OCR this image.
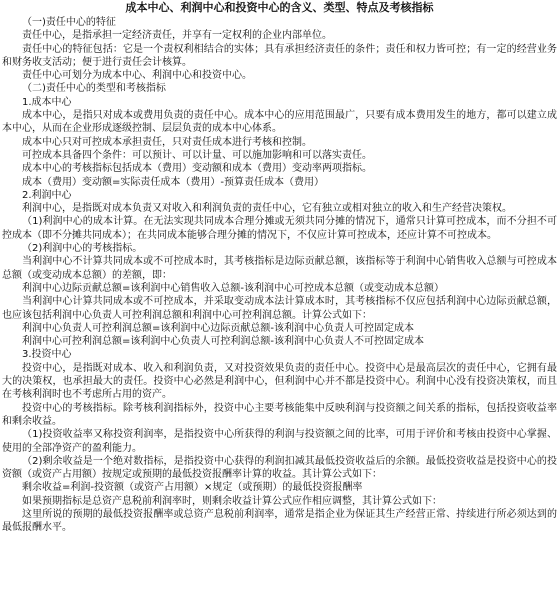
成本中心、利润中心和投资中心的含义、类型、特点及考核指标

（一)责任中心的特征

责任中心，是指承担一定经济责任，并享有一定权利的企业内部单位。

责任中心的特征包括：它是一个责权利相结合的实体；具有承担经济责任的条件；责任和权力皆可控；有一定的经营业务和财务收支活动；便于进行责任会计核算。

责任中心可划分为成本中心、利润中心和投资中心。

（二)责任中心的类型和考核指标

1.成本中心

成本中心，是指只对成本或费用负责的责任中心。成本中心的应用范围最广，只要有成本费用发生的地方，都可以建立成本中心，从而在企业形成逐级控制、层层负责的成本中心体系。

成本中心只对可控成本承担责任，只对责任成本进行考核和控制。

可控成本具备四个条件：可以预计、可以计量、可以施加影响和可以落实责任。

成本中心的考核指标包括成本（费用）变动额和成本（费用）变动率两项指标。

成本（费用）变动额=实际责任成本（费用）-预算责任成本（费用）

2.利润中心

利润中心，是指既对成本负责又对收入和利润负责的责任中心，它有独立或相对独立的收入和生产经营决策权。

（1)利润中心的成本计算。在无法实现共同成本合理分摊或无须共同分摊的情况下，通常只计算可控成本，而不分担不可控成本（即不分摊共同成本）；在共同成本能够合理分摊的情况下，不仅应计算可控成本，还应计算不可控成本。

（2)利润中心的考核指标。

当利润中心不计算共同成本或不可控成本时，其考核指标是边际贡献总额，该指标等于利润中心销售收入总额与可控成本总额（或变动成本总额）的差额，即：

利润中心边际贡献总额=该利润中心销售收入总额-该利润中心可控成本总额（或变动成本总额）

当利润中心计算共同成本或不可控成本，并采取变动成本法计算成本时，其考核指标不仅应包括利润中心边际贡献总额，也应该包括利润中心负责人可控利润总额和利润中心可控利润总额。计算公式如下：

利润中心负责人可控利润总额=该利润中心边际贡献总额-该利润中心负责人可控固定成本

利润中心可控利润总额=该利润中心负责人可控利润总额-该利润中心负责人不可控固定成本

3.投资中心

投资中心，是指既对成本、收入和利润负责，又对投资效果负责的责任中心。投资中心是最高层次的责任中心，它拥有最大的决策权，也承担最大的责任。投资中心必然是利润中心，但利润中心并不都是投资中心。利润中心没有投资决策权，而且在考核利润时也不考虑所占用的资产。

投资中心的考核指标。除考核利润指标外，投资中心主要考核能集中反映利润与投资额之间关系的指标，包括投资收益率和剩余收益。

（1)投资收益率又称投资利润率，是指投资中心所获得的利润与投资额之间的比率，可用于评价和考核由投资中心掌握、使用的全部净资产的盈利能力。

（2)剩余收益是一个绝对数指标，是指投资中心获得的利润扣减其最低投资收益后的余额。最低投资收益是投资中心的投资额（或资产占用额）按规定或预期的最低投资报酬率计算的收益。其计算公式如下：

剩余收益=利润-投资额（或资产占用额）×规定（或预期）的最低投资报酬率

如果预期指标是总资产息税前利润率时，则剩余收益计算公式应作相应调整，其计算公式如下：

这里所说的预期的最低投资报酬率或总资产息税前利润率，通常是指企业为保证其生产经营正常、持续进行所必须达到的最低报酬水平。
